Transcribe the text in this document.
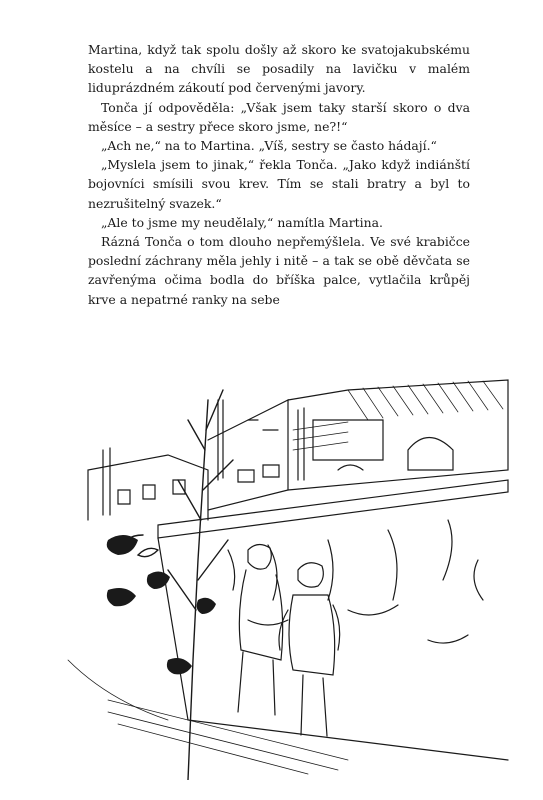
Martina, když tak spolu došly až skoro ke svatojakubskému kostelu a na chvíli se posadily na lavičku v malém liduprázdném zákoutí pod červenými javory.

Tonča jí odpověděla: „Však jsem taky starší skoro o dva měsíce – a sestry přece skoro jsme, ne?!“

„Ach ne,“ na to Martina. „Víš, sestry se často hádají.“

„Myslela jsem to jinak,“ řekla Tonča. „Jako když indiánští bojovníci smísili svou krev. Tím se stali bratry a byl to nezrušitelný svazek.“

„Ale to jsme my neudělaly,“ namítla Martina.

Rázná Tonča o tom dlouho nepřemýšlela. Ve své krabičce poslední záchrany měla jehly i nitě – a tak se obě děvčata se zavřenýma očima bodla do bříška palce, vytlačila krůpěj krve a nepatrné ranky na sebe
